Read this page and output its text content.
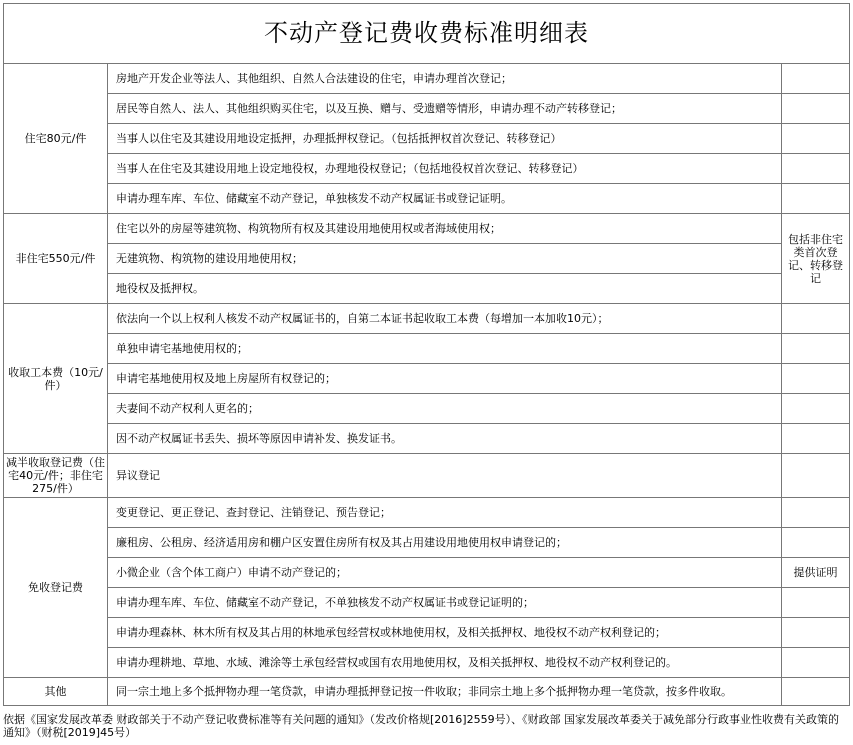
不动产登记费收费标准明细表		
住宅80元/件	房地产开发企业等法人、其他组织、自然人合法建设的住宅，申请办理首次登记；	
	居民等自然人、法人、其他组织购买住宅，以及互换、赠与、受遗赠等情形，申请办理不动产转移登记；	
	当事人以住宅及其建设用地设定抵押，办理抵押权登记。（包括抵押权首次登记、转移登记）	
	当事人在住宅及其建设用地上设定地役权，办理地役权登记；（包括地役权首次登记、转移登记）	
	申请办理车库、车位、储藏室不动产登记，单独核发不动产权属证书或登记证明。	
非住宅550元/件	住宅以外的房屋等建筑物、构筑物所有权及其建设用地使用权或者海域使用权；	包括非住宅类首次登记、转移登记
	无建筑物、构筑物的建设用地使用权；	
	地役权及抵押权。	
收取工本费（10元/件）	依法向一个以上权利人核发不动产权属证书的，自第二本证书起收取工本费（每增加一本加收10元）；	
	单独申请宅基地使用权的；	
	申请宅基地使用权及地上房屋所有权登记的；	
	夫妻间不动产权利人更名的；	
	因不动产权属证书丢失、损坏等原因申请补发、换发证书。	
减半收取登记费（住宅40元/件；非住宅275/件）	异议登记	
免收登记费	变更登记、更正登记、查封登记、注销登记、预告登记；	
	廉租房、公租房、经济适用房和棚户区安置住房所有权及其占用建设用地使用权申请登记的；	
	小微企业（含个体工商户）申请不动产登记的；	提供证明
	申请办理车库、车位、储藏室不动产登记，不单独核发不动产权属证书或登记证明的；	
	申请办理森林、林木所有权及其占用的林地承包经营权或林地使用权，及相关抵押权、地役权不动产权利登记的；	
	申请办理耕地、草地、水域、滩涂等土承包经营权或国有农用地使用权，及相关抵押权、地役权不动产权利登记的。	
其他	同一宗土地上多个抵押物办理一笔贷款，申请办理抵押登记按一件收取；非同宗土地上多个抵押物办理一笔贷款，按多件收取。	
依据《国家发展改革委 财政部关于不动产登记收费标准等有关问题的通知》（发改价格规[2016]2559号）、《财政部 国家发展改革委关于减免部分行政事业性收费有关政策的通知》（财税[2019]45号）
